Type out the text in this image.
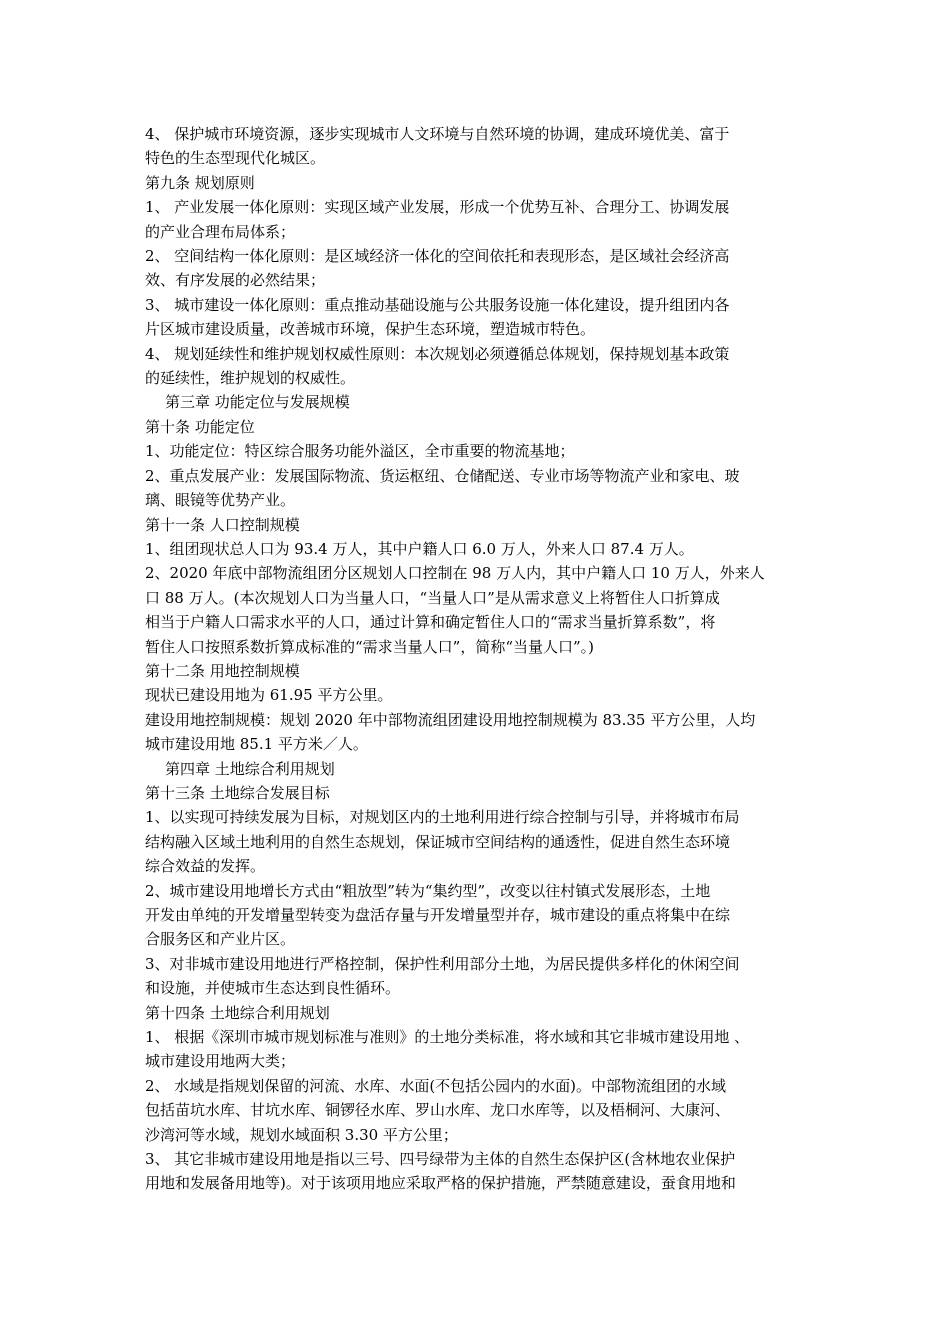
4、 保护城市环境资源，逐步实现城市人文环境与自然环境的协调，建成环境优美、富于
特色的生态型现代化城区。

第九条 规划原则

1、 产业发展一体化原则：实现区域产业发展，形成一个优势互补、合理分工、协调发展
的产业合理布局体系；

2、 空间结构一体化原则：是区域经济一体化的空间依托和表现形态，是区域社会经济高
效、有序发展的必然结果；

3、 城市建设一体化原则：重点推动基础设施与公共服务设施一体化建设，提升组团内各
片区城市建设质量，改善城市环境，保护生态环境，塑造城市特色。

4、 规划延续性和维护规划权威性原则：本次规划必须遵循总体规划，保持规划基本政策
的延续性，维护规划的权威性。

第三章 功能定位与发展规模

第十条 功能定位

1、功能定位：特区综合服务功能外溢区，全市重要的物流基地；

2、重点发展产业：发展国际物流、货运枢纽、仓储配送、专业市场等物流产业和家电、玻
璃、眼镜等优势产业。

第十一条 人口控制规模

1、组团现状总人口为 93.4 万人，其中户籍人口 6.0 万人，外来人口 87.4 万人。

2、2020 年底中部物流组团分区规划人口控制在 98 万人内，其中户籍人口 10 万人，外来人
口 88 万人。(本次规划人口为当量人口，“当量人口”是从需求意义上将暂住人口折算成
相当于户籍人口需求水平的人口，通过计算和确定暂住人口的“需求当量折算系数”，将
暂住人口按照系数折算成标准的“需求当量人口”，简称“当量人口”。)

第十二条 用地控制规模

现状已建设用地为 61.95 平方公里。

建设用地控制规模：规划 2020 年中部物流组团建设用地控制规模为 83.35 平方公里，人均
城市建设用地 85.1 平方米／人。

第四章 土地综合利用规划

第十三条 土地综合发展目标

1、以实现可持续发展为目标，对规划区内的土地利用进行综合控制与引导，并将城市布局
结构融入区域土地利用的自然生态规划，保证城市空间结构的通透性，促进自然生态环境
综合效益的发挥。

2、城市建设用地增长方式由“粗放型”转为“集约型”，改变以往村镇式发展形态，土地
开发由单纯的开发增量型转变为盘活存量与开发增量型并存，城市建设的重点将集中在综
合服务区和产业片区。

3、对非城市建设用地进行严格控制，保护性利用部分土地，为居民提供多样化的休闲空间
和设施，并使城市生态达到良性循环。

第十四条 土地综合利用规划

1、 根据《深圳市城市规划标准与准则》的土地分类标准，将水域和其它非城市建设用地 、
城市建设用地两大类；

2、 水域是指规划保留的河流、水库、水面(不包括公园内的水面)。中部物流组团的水域
包括苗坑水库、甘坑水库、铜锣径水库、罗山水库、龙口水库等，以及梧桐河、大康河、
沙湾河等水域，规划水域面积 3.30 平方公里；

3、 其它非城市建设用地是指以三号、四号绿带为主体的自然生态保护区(含林地农业保护
用地和发展备用地等)。对于该项用地应采取严格的保护措施，严禁随意建设，蚕食用地和
